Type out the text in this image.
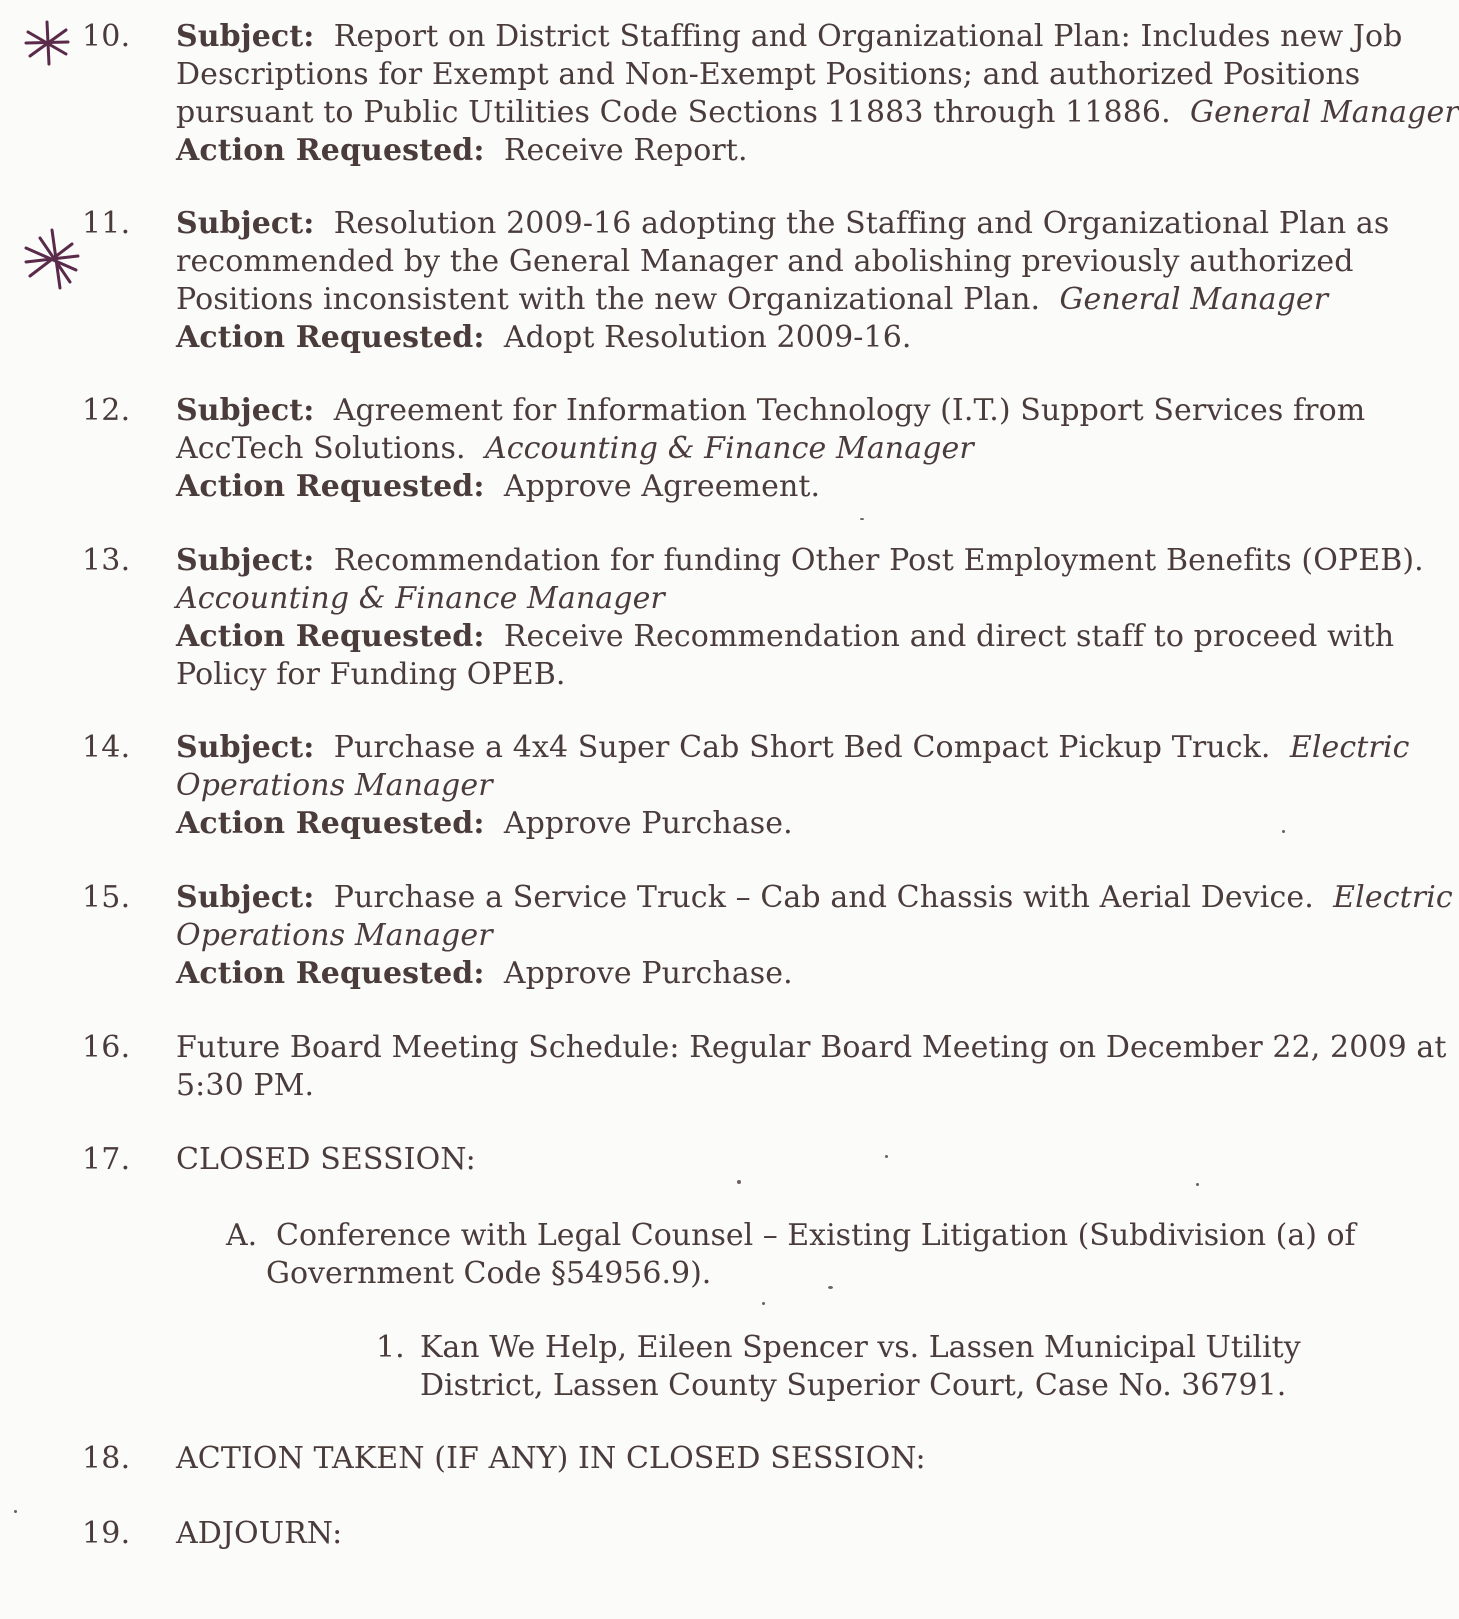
10. Subject: Report on District Staffing and Organizational Plan: Includes new Job
Descriptions for Exempt and Non-Exempt Positions; and authorized Positions
pursuant to Public Utilities Code Sections 11883 through 11886. General Manager
Action Requested: Receive Report.
11. Subject: Resolution 2009-16 adopting the Staffing and Organizational Plan as
recommended by the General Manager and abolishing previously authorized
Positions inconsistent with the new Organizational Plan. General Manager
Action Requested: Adopt Resolution 2009-16.
12. Subject: Agreement for Information Technology (I.T.) Support Services from
AccTech Solutions. Accounting & Finance Manager
Action Requested: Approve Agreement.
13. Subject: Recommendation for funding Other Post Employment Benefits (OPEB).
Accounting & Finance Manager
Action Requested: Receive Recommendation and direct staff to proceed with
Policy for Funding OPEB.
14. Subject: Purchase a 4x4 Super Cab Short Bed Compact Pickup Truck. Electric
Operations Manager
Action Requested: Approve Purchase.
15. Subject: Purchase a Service Truck – Cab and Chassis with Aerial Device. Electric
Operations Manager
Action Requested: Approve Purchase.
16. Future Board Meeting Schedule: Regular Board Meeting on December 22, 2009 at
5:30 PM.
17. CLOSED SESSION:
A. Conference with Legal Counsel – Existing Litigation (Subdivision (a) of
Government Code §54956.9).
1. Kan We Help, Eileen Spencer vs. Lassen Municipal Utility
District, Lassen County Superior Court, Case No. 36791.
18. ACTION TAKEN (IF ANY) IN CLOSED SESSION:
19. ADJOURN:
